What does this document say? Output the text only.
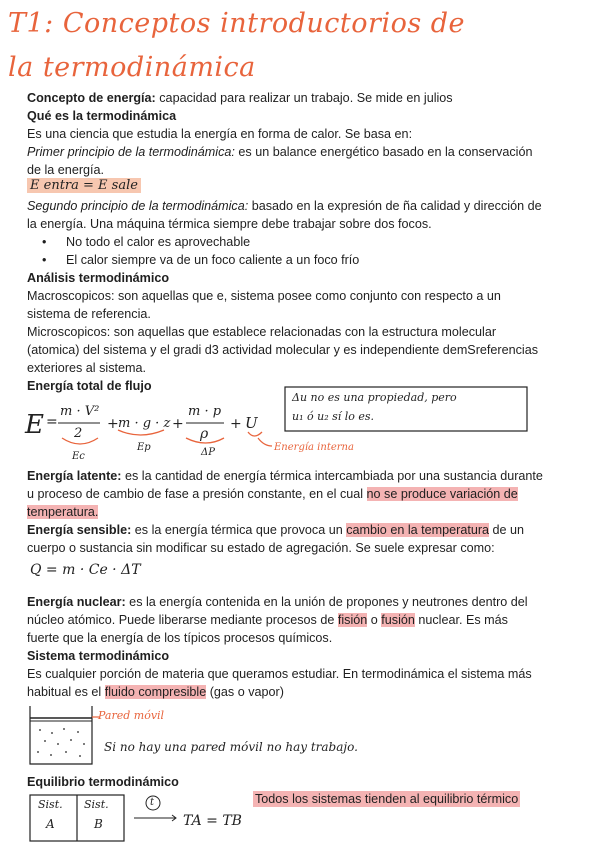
T1: Conceptos introductorios de
la termodinámica
Concepto de energía: capacidad para realizar un trabajo. Se mide en julios
Qué es la termodinámica
Es una ciencia que estudia la energía en forma de calor. Se basa en:
Primer principio de la termodinámica: es un balance energético basado en la conservación
de la energía.
E entra = E sale
Segundo principio de la termodinámica: basado en la expresión de ña calidad y dirección de
la energía. Una máquina térmica siempre debe trabajar sobre dos focos.
• No todo el calor es aprovechable
• El calor siempre va de un foco caliente a un foco frío
Análisis termodinámico
Macroscopicos: son aquellas que e, sistema posee como conjunto con respecto a un
sistema de referencia.
Microscopicos: son aquellas que establece relacionadas con la estructura molecular
(atomica) del sistema y el gradi d3 actividad molecular y es independiente demSreferencias
exteriores al sistema.
Energía total de flujo
E =
m · V²
2
+ m · g · z +
m · p
ρ
+ U
Ec
Ep	ΔP	Energía interna
Δu no es una propiedad, pero
u₁ ó u₂ sí lo es.
Energía latente: es la cantidad de energía térmica intercambiada por una sustancia durante
u proceso de cambio de fase a presión constante, en el cual no se produce variación de
temperatura.
Energía sensible: es la energía térmica que provoca un cambio en la temperatura de un
cuerpo o sustancia sin modificar su estado de agregación. Se suele expresar como:
Q = m · Ce · ΔT
Energía nuclear: es la energía contenida en la unión de propones y neutrones dentro del
núcleo atómico. Puede liberarse mediante procesos de fisión o fusión nuclear. Es más
fuerte que la energía de los típicos procesos químicos.
Sistema termodinámico
Es cualquier porción de materia que queramos estudiar. En termodinámica el sistema más
habitual es el fluido compresible (gas o vapor)
Pared móvil
Si no hay una pared móvil no hay trabajo.
Equilibrio termodinámico
Todos los sistemas tienden al equilibrio térmico
Sist.
A
Sist.
B
t
TA = TB
